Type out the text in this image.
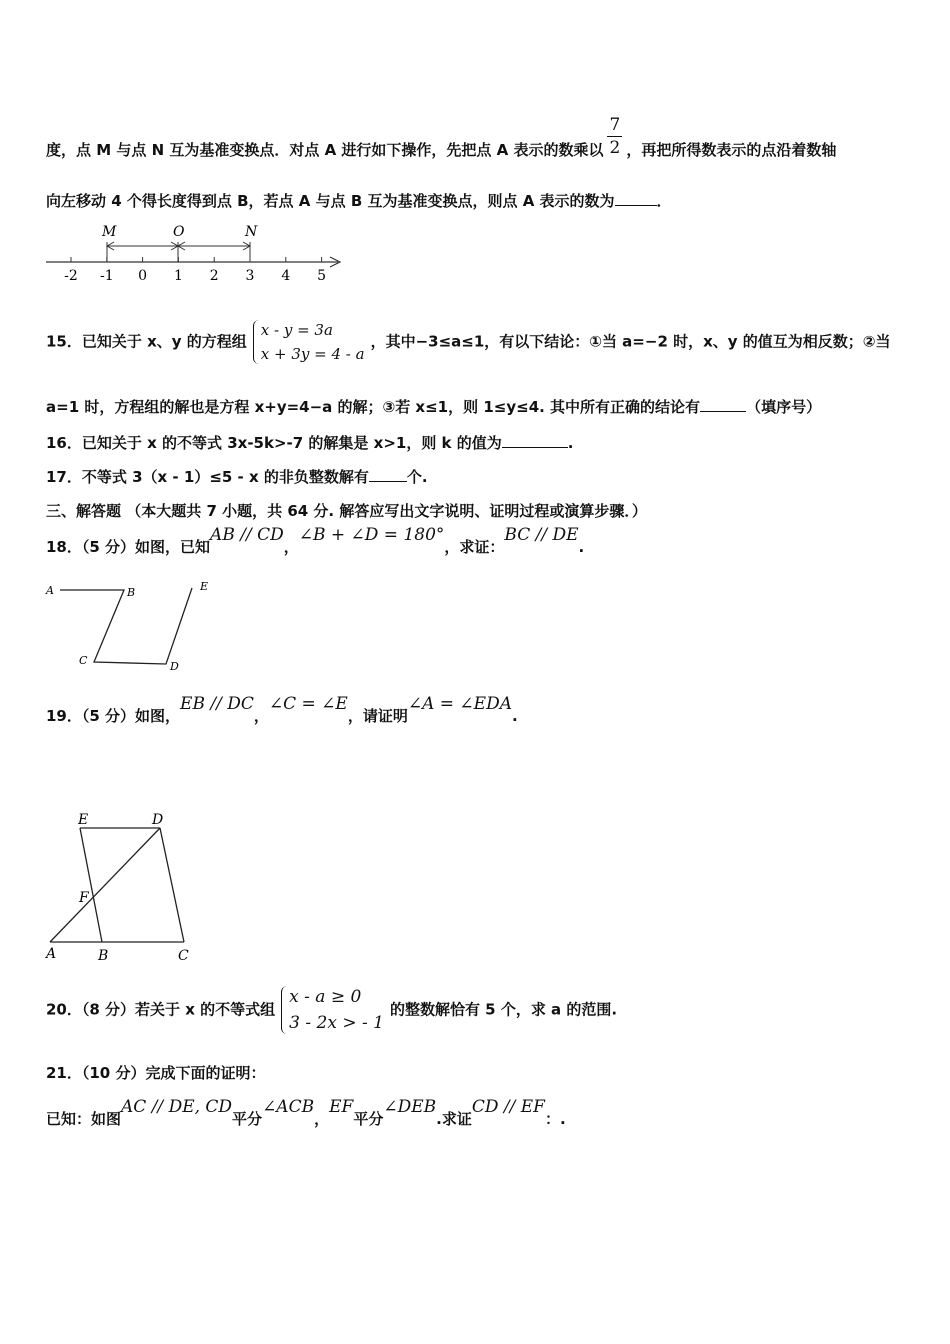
度，点 M 与点 N 互为基准变换点．对点 A 进行如下操作，先把点 A 表示的数乘以 $\frac{7}{2}$ ，再把所得数表示的点沿着数轴
向左移动 4 个得长度得到点 B，若点 A 与点 B 互为基准变换点，则点 A 表示的数为	．
M	O	N
-2 -1 0 1 2 3 4 5
15．已知关于 x、y 的方程组
x - y = 3a
x + 3y = 4 - a
，其中−3≤a≤1，有以下结论：①当 a=−2 时，x、y 的值互为相反数；②当
a=1 时，方程组的解也是方程 x+y=4−a 的解；③若 x≤1，则 1≤y≤4. 其中所有正确的结论有	（填序号）
16．已知关于 x 的不等式 3x-5k>-7 的解集是 x>1，则 k 的值为	.
17．不等式 3（x - 1）≤5 - x 的非负整数解有	个.
三、解答题 （本大题共 7 小题，共 64 分. 解答应写出文字说明、证明过程或演算步骤．）
18．（5 分）如图，已知AB // CD，∠B + ∠D = 180°，求证：BC // DE.
A	B
C	D
E
19．（5 分）如图，EB // DC，∠C = ∠E，请证明∠A = ∠EDA.
E	D
F
A	B	C
20．（8 分）若关于 x 的不等式组
x - a ≥ 0
3 - 2x > - 1
的整数解恰有 5 个，求 a 的范围.
21．（10 分）完成下面的证明：
已知：如图AC // DE, CD平分∠ACB，EF平分∠DEB.求证CD // EF：.
